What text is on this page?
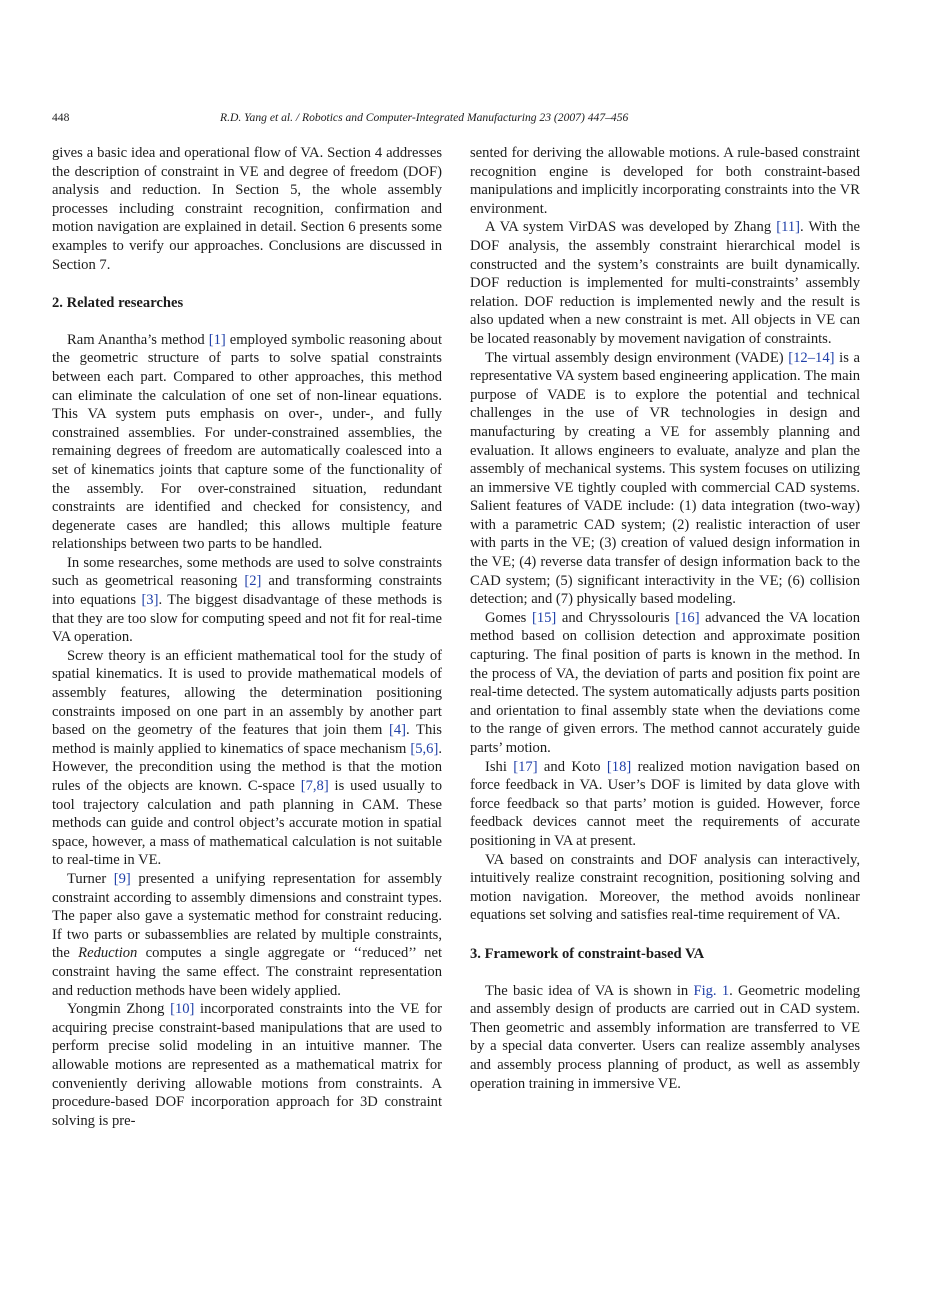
448	R.D. Yang et al. / Robotics and Computer-Integrated Manufacturing 23 (2007) 447–456

gives a basic idea and operational flow of VA. Section 4 addresses the description of constraint in VE and degree of freedom (DOF) analysis and reduction. In Section 5, the whole assembly processes including constraint recognition, confirmation and motion navigation are explained in detail. Section 6 presents some examples to verify our approaches. Conclusions are discussed in Section 7.

2. Related researches

Ram Anantha’s method [1] employed symbolic reasoning about the geometric structure of parts to solve spatial constraints between each part. Compared to other approaches, this method can eliminate the calculation of one set of non-linear equations. This VA system puts emphasis on over-, under-, and fully constrained assemblies. For under-constrained assemblies, the remaining degrees of freedom are automatically coalesced into a set of kinematics joints that capture some of the functionality of the assembly. For over-constrained situation, redundant constraints are identified and checked for consistency, and degenerate cases are handled; this allows multiple feature relationships between two parts to be handled.

In some researches, some methods are used to solve constraints such as geometrical reasoning [2] and transforming constraints into equations [3]. The biggest disadvantage of these methods is that they are too slow for computing speed and not fit for real-time VA operation.

Screw theory is an efficient mathematical tool for the study of spatial kinematics. It is used to provide mathematical models of assembly features, allowing the determination positioning constraints imposed on one part in an assembly by another part based on the geometry of the features that join them [4]. This method is mainly applied to kinematics of space mechanism [5,6]. However, the precondition using the method is that the motion rules of the objects are known. C-space [7,8] is used usually to tool trajectory calculation and path planning in CAM. These methods can guide and control object’s accurate motion in spatial space, however, a mass of mathematical calculation is not suitable to real-time in VE.

Turner [9] presented a unifying representation for assembly constraint according to assembly dimensions and constraint types. The paper also gave a systematic method for constraint reducing. If two parts or subassemblies are related by multiple constraints, the Reduction computes a single aggregate or ‘‘reduced’’ net constraint having the same effect. The constraint representation and reduction methods have been widely applied.

Yongmin Zhong [10] incorporated constraints into the VE for acquiring precise constraint-based manipulations that are used to perform precise solid modeling in an intuitive manner. The allowable motions are represented as a mathematical matrix for conveniently deriving allowable motions from constraints. A procedure-based DOF incorporation approach for 3D constraint solving is pre-

sented for deriving the allowable motions. A rule-based constraint recognition engine is developed for both constraint-based manipulations and implicitly incorporating constraints into the VR environment.

A VA system VirDAS was developed by Zhang [11]. With the DOF analysis, the assembly constraint hierarchical model is constructed and the system’s constraints are built dynamically. DOF reduction is implemented for multi-constraints’ assembly relation. DOF reduction is implemented newly and the result is also updated when a new constraint is met. All objects in VE can be located reasonably by movement navigation of constraints.

The virtual assembly design environment (VADE) [12–14] is a representative VA system based engineering application. The main purpose of VADE is to explore the potential and technical challenges in the use of VR technologies in design and manufacturing by creating a VE for assembly planning and evaluation. It allows engineers to evaluate, analyze and plan the assembly of mechanical systems. This system focuses on utilizing an immersive VE tightly coupled with commercial CAD systems. Salient features of VADE include: (1) data integration (two-way) with a parametric CAD system; (2) realistic interaction of user with parts in the VE; (3) creation of valued design information in the VE; (4) reverse data transfer of design information back to the CAD system; (5) significant interactivity in the VE; (6) collision detection; and (7) physically based modeling.

Gomes [15] and Chryssolouris [16] advanced the VA location method based on collision detection and approximate position capturing. The final position of parts is known in the method. In the process of VA, the deviation of parts and position fix point are real-time detected. The system automatically adjusts parts position and orientation to final assembly state when the deviations come to the range of given errors. The method cannot accurately guide parts’ motion.

Ishi [17] and Koto [18] realized motion navigation based on force feedback in VA. User’s DOF is limited by data glove with force feedback so that parts’ motion is guided. However, force feedback devices cannot meet the requirements of accurate positioning in VA at present.

VA based on constraints and DOF analysis can interactively, intuitively realize constraint recognition, positioning solving and motion navigation. Moreover, the method avoids nonlinear equations set solving and satisfies real-time requirement of VA.

3. Framework of constraint-based VA

The basic idea of VA is shown in Fig. 1. Geometric modeling and assembly design of products are carried out in CAD system. Then geometric and assembly information are transferred to VE by a special data converter. Users can realize assembly analyses and assembly process planning of product, as well as assembly operation training in immersive VE.
